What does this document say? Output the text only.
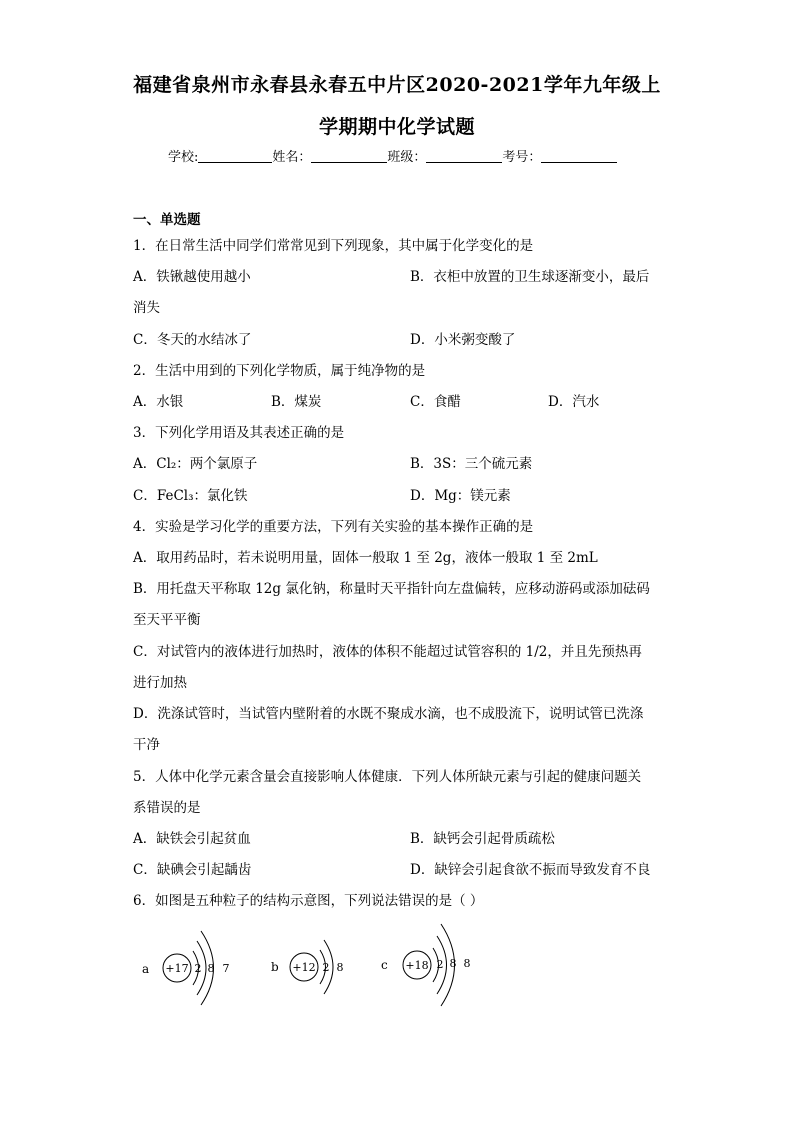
福建省泉州市永春县永春五中片区2020-2021学年九年级上
学期期中化学试题
学校:	姓名：	班级：	考号：
一、单选题
1．在日常生活中同学们常常见到下列现象，其中属于化学变化的是
A．铁锹越使用越小	B．衣柜中放置的卫生球逐渐变小，最后
消失
C．冬天的水结冰了	D．小米粥变酸了
2．生活中用到的下列化学物质，属于纯净物的是
A．水银	B．煤炭	C．食醋	D．汽水
3．下列化学用语及其表述正确的是
A．Cl₂：两个氯原子	B．3S：三个硫元素
C．FeCl₃：氯化铁	D．Mg：镁元素
4．实验是学习化学的重要方法，下列有关实验的基本操作正确的是
A．取用药品时，若未说明用量，固体一般取 1 至 2g，液体一般取 1 至 2mL
B．用托盘天平称取 12g 氯化钠，称量时天平指针向左盘偏转，应移动游码或添加砝码
至天平平衡
C．对试管内的液体进行加热时，液体的体积不能超过试管容积的 1/2，并且先预热再
进行加热
D．洗涤试管时，当试管内壁附着的水既不聚成水滴，也不成股流下，说明试管已洗涤
干净
5．人体中化学元素含量会直接影响人体健康．下列人体所缺元素与引起的健康问题关
系错误的是
A．缺铁会引起贫血	B．缺钙会引起骨质疏松
C．缺碘会引起龋齿	D．缺锌会引起食欲不振而导致发育不良
6．如图是五种粒子的结构示意图，下列说法错误的是（ ）
a +17 2 8 7	b +12 2 8	c +18 2 8 8
